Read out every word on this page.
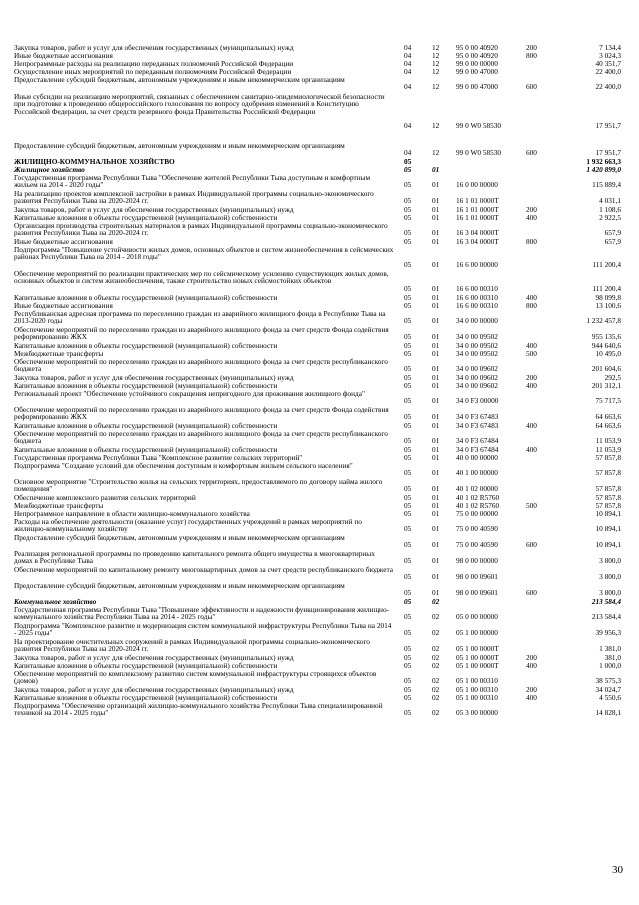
Закупка товаров, работ и услуг для обеспечения государственных (муниципальных) нужд	04	12 95 0 00 40920	200	7 134,4
Иные бюджетные ассигнования	04	12 95 0 00 40920	800	3 024,3
Непрограммные расходы на реализацию переданных полномочий Российской Федерации	04	12 99 0 00 00000	40 351,7
Осуществление иных мероприятий по переданным полномочиям Российской Федерации	04	12 99 0 00 47000	22 400,0
Предоставление субсидий бюджетным, автономным учреждениям и иным некоммерческим организациям
04	12 99 0 00 47000	600	22 400,0
Иные субсидии на реализацию мероприятий, связанных с обеспечением санитарно-эпидемиологической безопасности при подготовке к проведению общероссийского голосования по вопросу одобрения изменений в Конституцию Российской Федерации, за счет средств резервного фонда Правительства Российской Федерации
04	12 99 0 W0 58530	17 951,7
Предоставление субсидий бюджетным, автономным учреждениям и иным некоммерческим организациям
04	12 99 0 W0 58530	600	17 951,7
ЖИЛИЩНО-КОММУНАЛЬНОЕ ХОЗЯЙСТВО	05	1 932 663,3
Жилищное хозяйство	05	01	1 420 899,0
Государственная программа Республики Тыва "Обеспечение жителей Республики Тыва доступным и комфортным жильем на 2014 - 2020 годы"	05	01 16 0 00 00000	115 889,4
На реализацию проектов комплексной застройки в рамках Индивидуальной программы социально-экономического развития Республики Тыва на 2020-2024 гг.	05	01 16 1 01 0000Т	4 031,1
Закупка товаров, работ и услуг для обеспечения государственных (муниципальных) нужд	05	01 16 1 01 0000Т	200	1 108,6
Капитальные вложения в объекты государственной (муниципальной) собственности	05	01 16 1 01 0000Т	400	2 922,5
Организация производства строительных материалов в рамках Индивидуальной программы социально-экономического развития Республики Тыва на 2020-2024 гг.	05	01 16 3 04 0000Т	657,9
Иные бюджетные ассигнования	05	01 16 3 04 0000Т	800	657,9
Подпрограмма "Повышение устойчивости жилых домов, основных объектов и систем жизнеобеспечения в сейсмических районах Республики Тыва на 2014 - 2018 годы"
05	01 16 6 00 00000	111 200,4
Обеспечение мероприятий по реализации практических мер по сейсмическому усилению существующих жилых домов, основных объектов и систем жизнеобеспечения, также строительство новых сейсмостойких объектов
05	01 16 6 00 00310	111 200,4
Капитальные вложения в объекты государственной (муниципальной) собственности	05	01 16 6 00 00310	400	98 099,8
Иные бюджетные ассигнования	05	01 16 6 00 00310	800	13 100,6
Республиканская адресная программа по переселению граждан из аварийного жилищного фонда в Республике Тыва на 2013-2020 годы	05	01 34 0 00 00000	1 232 457,8
Обеспечение мероприятий по переселению граждан из аварийного жилищного фонда за счет средств Фонда содействия реформированию ЖКХ	05	01 34 0 00 09502	955 135,6
Капитальные вложения в объекты государственной (муниципальной) собственности	05	01 34 0 00 09502	400	944 640,6
Межбюджетные трансферты	05	01 34 0 00 09502	500	10 495,0
Обеспечение мероприятий по переселению граждан из аварийного жилищного фонда за счет средств республиканского бюджета	05	01 34 0 00 09602	201 604,6
Закупка товаров, работ и услуг для обеспечения государственных (муниципальных) нужд	05	01 34 0 00 09602	200	292,5
Капитальные вложения в объекты государственной (муниципальной) собственности	05	01 34 0 00 09602	400	201 312,1
Региональный проект "Обеспечение устойчивого сокращения непригодного для проживания жилищного фонда"
05	01 34 0 F3 00000	75 717,5
Обеспечение мероприятий по переселению граждан из аварийного жилищного фонда за счет средств Фонда содействия реформированию ЖКХ	05	01 34 0 F3 67483	64 663,6
Капитальные вложения в объекты государственной (муниципальной) собственности	05	01 34 0 F3 67483	400	64 663,6
Обеспечение мероприятий по переселению граждан из аварийного жилищного фонда за счет средств республиканского бюджета	05	01 34 0 F3 67484	11 053,9
Капитальные вложения в объекты государственной (муниципальной) собственности	05	01 34 0 F3 67484	400	11 053,9
Государственная программа Республики Тыва "Комплексное развитие сельских территорий"	05	01 40 0 00 00000	57 857,8
Подпрограмма "Создание условий для обеспечения доступным и комфортным жильем сельского населения"
05	01 40 1 00 00000	57 857,8
Основное мероприятие "Строительство жилья на сельских территориях, предоставляемого по договору найма жилого помещения"	05	01 40 1 02 00000	57 857,8
Обеспечение комплексного развития сельских территорий	05	01 40 1 02 R5760	57 857,8
Межбюджетные трансферты	05	01 40 1 02 R5760	500	57 857,8
Непрограммное направление в области жилищно-коммунального хозяйства	05	01 75 0 00 00000	10 894,1
Расходы на обеспечение деятельности (оказание услуг) государственных учреждений в рамках мероприятий по жилищно-коммунальному хозяйству	05	01 75 0 00 40590	10 894,1
Предоставление субсидий бюджетным, автономным учреждениям и иным некоммерческим организациям
05	01 75 0 00 40590	600	10 894,1
Реализация региональной программы по проведению капитального ремонта общего имущества в многоквартирных домах в Республике Тыва	05	01 98 0 00 00000	3 800,0
Обеспечение мероприятий по капитальному ремонту многоквартирных домов за счет средств республиканского бюджета
05	01 98 0 00 09601	3 800,0
Предоставление субсидий бюджетным, автономным учреждениям и иным некоммерческим организациям
05	01 98 0 00 09601	600	3 800,0
Коммунальное хозяйство	05	02	213 584,4
Государственная программа Республики Тыва "Повышение эффективности и надежности функционирования жилищно-коммунального хозяйства Республики Тыва на 2014 - 2025 годы"	05	02 05 0 00 00000	213 584,4
Подпрограмма "Комплексное развитие и модернизация систем коммунальной инфраструктуры Республики Тыва на 2014 - 2025 годы"	05	02 05 1 00 00000	39 956,3
На проектирование очистительных сооружений в рамках Индивидуальной программы социально-экономического развития Республики Тыва на 2020-2024 гг.	05	02 05 1 00 0000Т	1 381,0
Закупка товаров, работ и услуг для обеспечения государственных (муниципальных) нужд	05	02 05 1 00 0000Т	200	381,0
Капитальные вложения в объекты государственной (муниципальной) собственности	05	02 05 1 00 0000Т	400	1 000,0
Обеспечение мероприятий по комплексному развитию систем коммунальной инфраструктуры строящихся объектов (домов)	05	02 05 1 00 00310	38 575,3
Закупка товаров, работ и услуг для обеспечения государственных (муниципальных) нужд	05	02 05 1 00 00310	200	34 024,7
Капитальные вложения в объекты государственной (муниципальной) собственности	05	02 05 1 00 00310	400	4 550,6
Подпрограмма "Обеспечение организаций жилищно-коммунального хозяйства Республики Тыва специализированной техникой на 2014 - 2025 годы"	05	02 05 3 00 00000	14 828,1
30
